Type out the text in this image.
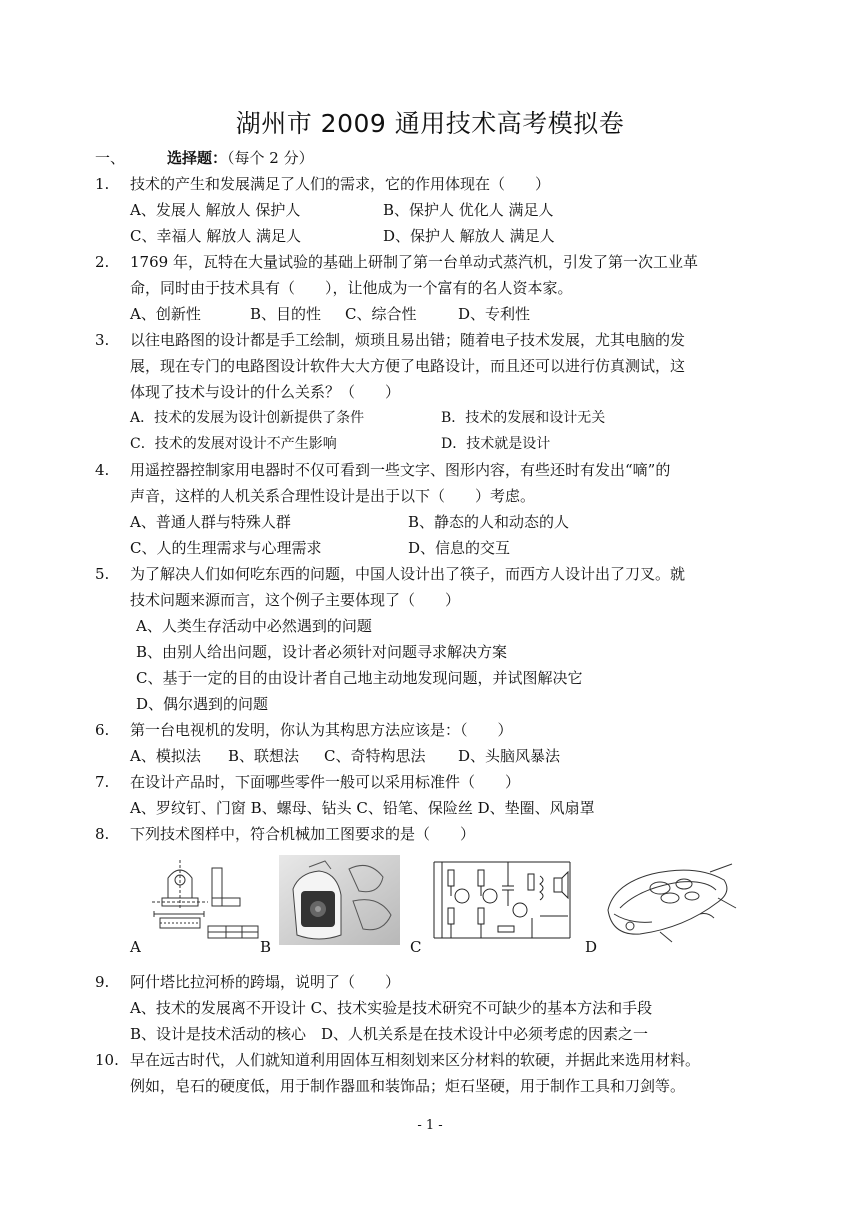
湖州市 2009 通用技术高考模拟卷
一、	选择题：（每个 2 分）
1. 技术的产生和发展满足了人们的需求，它的作用体现在（　　）
A、发展人 解放人 保护人	B、保护人 优化人 满足人
C、幸福人 解放人 满足人	D、保护人 解放人 满足人
2. 1769 年，瓦特在大量试验的基础上研制了第一台单动式蒸汽机，引发了第一次工业革
命，同时由于技术具有（　　），让他成为一个富有的名人资本家。
A、创新性	B、目的性 C、综合性	D、专利性
3. 以往电路图的设计都是手工绘制，烦琐且易出错；随着电子技术发展，尤其电脑的发
展，现在专门的电路图设计软件大大方便了电路设计，而且还可以进行仿真测试，这
体现了技术与设计的什么关系？（　　）
A．技术的发展为设计创新提供了条件	B．技术的发展和设计无关
C．技术的发展对设计不产生影响	D．技术就是设计
4. 用遥控器控制家用电器时不仅可看到一些文字、图形内容，有些还时有发出“嘀”的
声音，这样的人机关系合理性设计是出于以下（　　）考虑。
A、普通人群与特殊人群	B、静态的人和动态的人
C、人的生理需求与心理需求	D、信息的交互
5. 为了解决人们如何吃东西的问题，中国人设计出了筷子，而西方人设计出了刀叉。就
技术问题来源而言，这个例子主要体现了（　　）
A、人类生存活动中必然遇到的问题
B、由别人给出问题，设计者必须针对问题寻求解决方案
C、基于一定的目的由设计者自己地主动地发现问题，并试图解决它
D、偶尔遇到的问题
6. 第一台电视机的发明，你认为其构思方法应该是：（　　）
A、模拟法 B、联想法 C、奇特构思法 D、头脑风暴法
7. 在设计产品时，下面哪些零件一般可以采用标准件（　　）
A、罗纹钉、门窗 B、螺母、钻头 C、铅笔、保险丝 D、垫圈、风扇罩
8. 下列技术图样中，符合机械加工图要求的是（　　）
A	B	C	D
9. 阿什塔比拉河桥的跨塌，说明了（　　）
A、技术的发展离不开设计 C、技术实验是技术研究不可缺少的基本方法和手段
B、设计是技术活动的核心　D、人机关系是在技术设计中必须考虑的因素之一
10. 早在远古时代，人们就知道利用固体互相刻划来区分材料的软硬，并据此来选用材料。
例如，皂石的硬度低，用于制作器皿和装饰品；炬石坚硬，用于制作工具和刀剑等。
- 1 -
